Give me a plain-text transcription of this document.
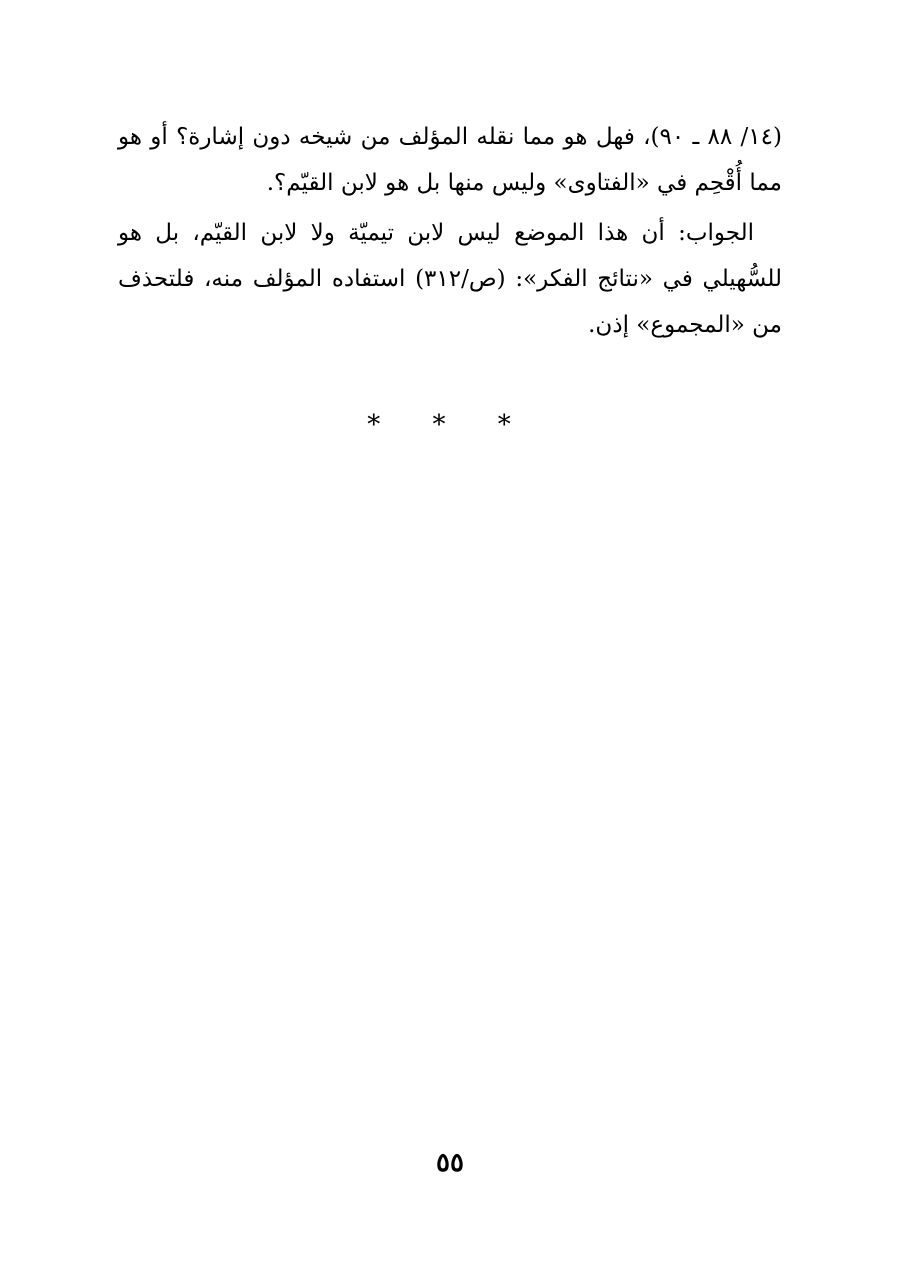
(١٤/ ٨٨ ـ ٩٠)، فهل هو مما نقله المؤلف من شيخه دون إشارة؟ أو هو مما أُقْحِم في «الفتاوى» وليس منها بل هو لابن القيّم؟.

الجواب: أن هذا الموضع ليس لابن تيميّة ولا لابن القيّم، بل هو للسُّهيلي في «نتائج الفكر»: (ص/٣١٢) استفاده المؤلف منه، فلتحذف من «المجموع» إذن.

* * *
٥٥
